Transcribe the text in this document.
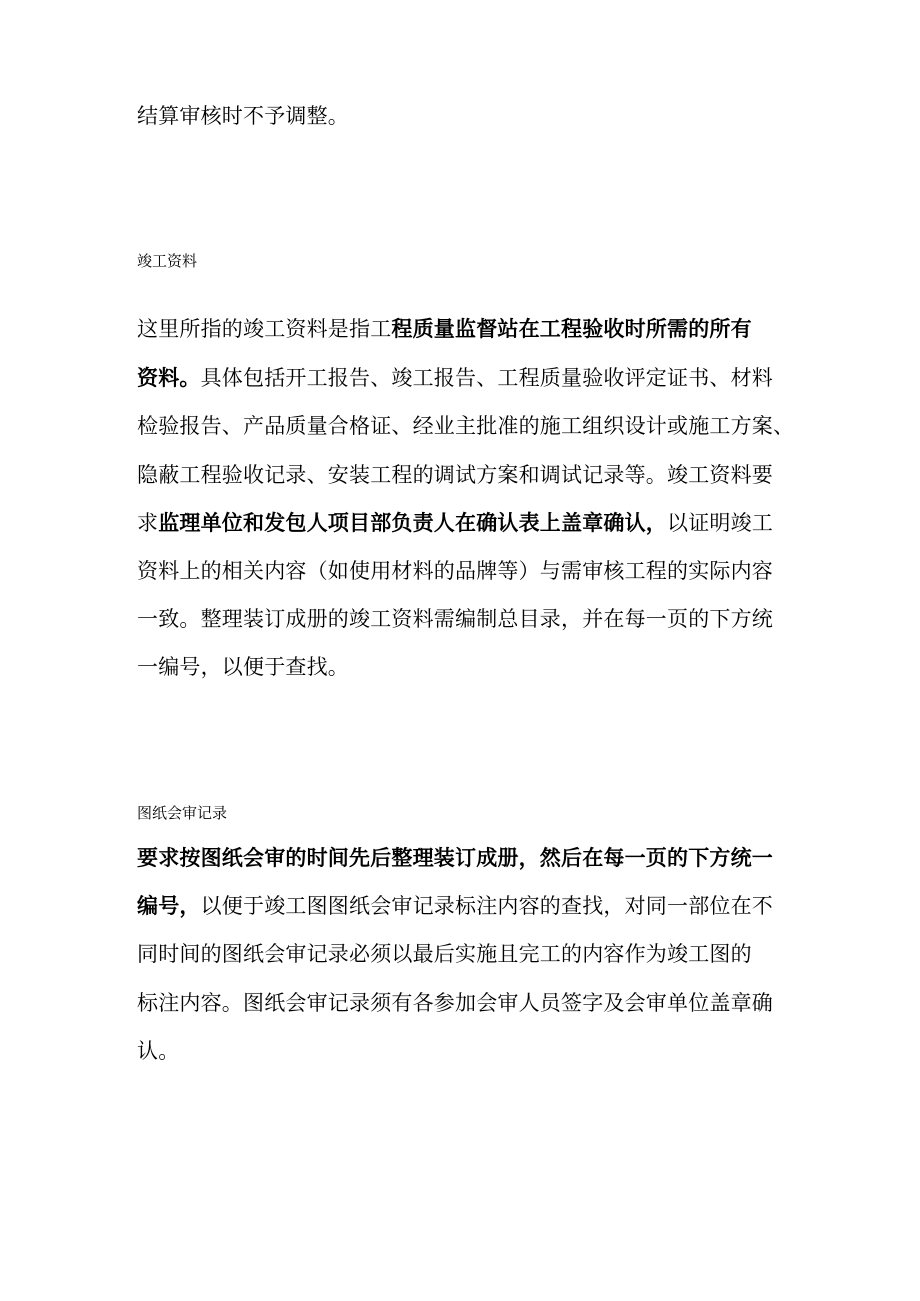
结算审核时不予调整。
竣工资料
这里所指的竣工资料是指工程质量监督站在工程验收时所需的所有
资料。具体包括开工报告、竣工报告、工程质量验收评定证书、材料
检验报告、产品质量合格证、经业主批准的施工组织设计或施工方案、
隐蔽工程验收记录、安装工程的调试方案和调试记录等。竣工资料要
求监理单位和发包人项目部负责人在确认表上盖章确认，以证明竣工
资料上的相关内容（如使用材料的品牌等）与需审核工程的实际内容
一致。整理装订成册的竣工资料需编制总目录，并在每一页的下方统
一编号，以便于查找。
图纸会审记录
要求按图纸会审的时间先后整理装订成册，然后在每一页的下方统一
编号，以便于竣工图图纸会审记录标注内容的查找，对同一部位在不
同时间的图纸会审记录必须以最后实施且完工的内容作为竣工图的
标注内容。图纸会审记录须有各参加会审人员签字及会审单位盖章确
认。
